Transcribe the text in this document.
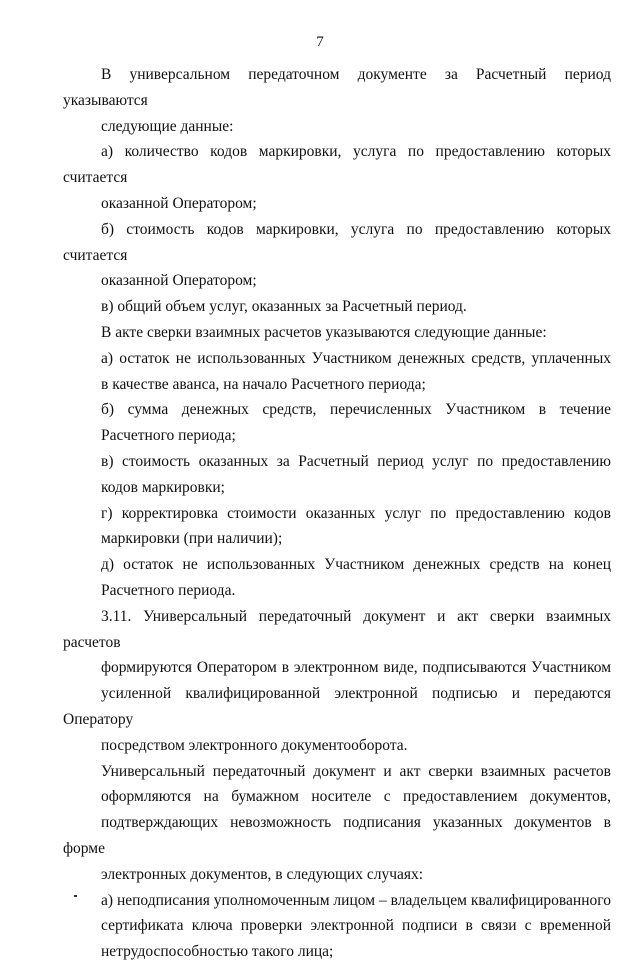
7

В универсальном передаточном документе за Расчетный период указываются
следующие данные:

а) количество кодов маркировки, услуга по предоставлению которых считается
оказанной Оператором;

б) стоимость кодов маркировки, услуга по предоставлению которых считается
оказанной Оператором;

в) общий объем услуг, оказанных за Расчетный период.

В акте сверки взаимных расчетов указываются следующие данные:

а) остаток не использованных Участником денежных средств, уплаченных
в качестве аванса, на начало Расчетного периода;

б) сумма денежных средств, перечисленных Участником в течение
Расчетного периода;

в) стоимость оказанных за Расчетный период услуг по предоставлению
кодов маркировки;

г) корректировка стоимости оказанных услуг по предоставлению кодов
маркировки (при наличии);

д) остаток не использованных Участником денежных средств на конец
Расчетного периода.

3.11. Универсальный передаточный документ и акт сверки взаимных расчетов
формируются Оператором в электронном виде, подписываются Участником
усиленной квалифицированной электронной подписью и передаются Оператору
посредством электронного документооборота.

Универсальный передаточный документ и акт сверки взаимных расчетов
оформляются на бумажном носителе с предоставлением документов,
подтверждающих невозможность подписания указанных документов в форме
электронных документов, в следующих случаях:

а) неподписания уполномоченным лицом – владельцем квалифицированного
сертификата ключа проверки электронной подписи в связи с временной
нетрудоспособностью такого лица;
